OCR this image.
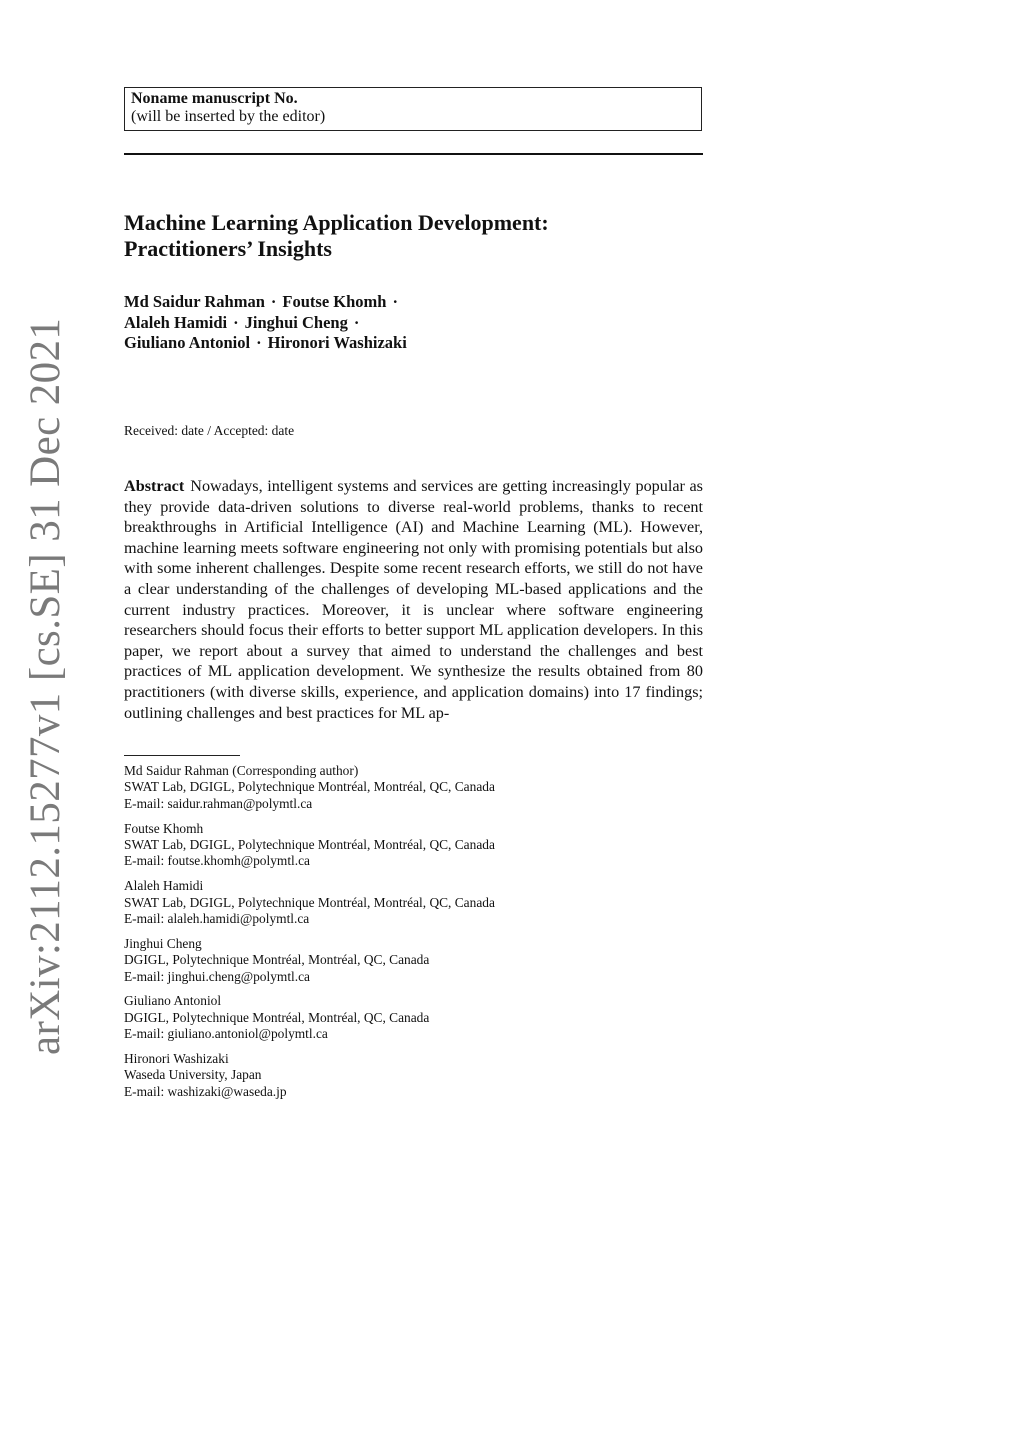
arXiv:2112.15277v1 [cs.SE] 31 Dec 2021
Noname manuscript No.
(will be inserted by the editor)
Machine Learning Application Development:
Practitioners’ Insights
Md Saidur Rahman · Foutse Khomh ·
Alaleh Hamidi · Jinghui Cheng ·
Giuliano Antoniol · Hironori Washizaki
Received: date / Accepted: date

Abstract Nowadays, intelligent systems and services are getting increasingly popular as they provide data-driven solutions to diverse real-world problems, thanks to recent breakthroughs in Artificial Intelligence (AI) and Machine Learning (ML). However, machine learning meets software engineering not only with promising potentials but also with some inherent challenges. Despite some recent research efforts, we still do not have a clear understanding of the challenges of developing ML-based applications and the current industry practices. Moreover, it is unclear where software engineering researchers should focus their efforts to better support ML application developers. In this paper, we report about a survey that aimed to understand the challenges and best practices of ML application development. We synthesize the results obtained from 80 practitioners (with diverse skills, experience, and application domains) into 17 findings; outlining challenges and best practices for ML ap-

Md Saidur Rahman (Corresponding author)
SWAT Lab, DGIGL, Polytechnique Montréal, Montréal, QC, Canada
E-mail: saidur.rahman@polymtl.ca
Foutse Khomh
SWAT Lab, DGIGL, Polytechnique Montréal, Montréal, QC, Canada
E-mail: foutse.khomh@polymtl.ca
Alaleh Hamidi
SWAT Lab, DGIGL, Polytechnique Montréal, Montréal, QC, Canada
E-mail: alaleh.hamidi@polymtl.ca
Jinghui Cheng
DGIGL, Polytechnique Montréal, Montréal, QC, Canada
E-mail: jinghui.cheng@polymtl.ca
Giuliano Antoniol
DGIGL, Polytechnique Montréal, Montréal, QC, Canada
E-mail: giuliano.antoniol@polymtl.ca
Hironori Washizaki
Waseda University, Japan
E-mail: washizaki@waseda.jp
